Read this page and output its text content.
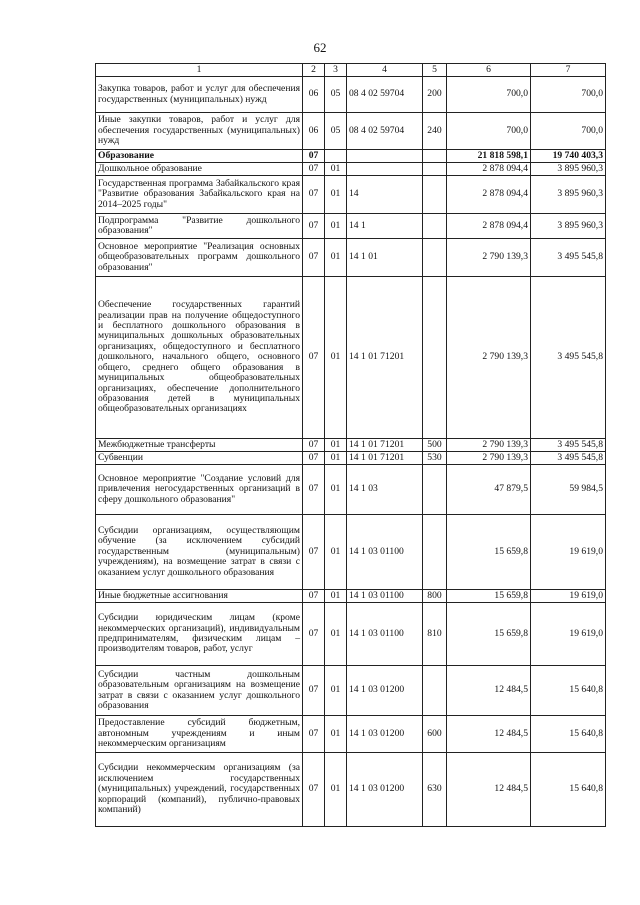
62
1	2	3	4	5	6	7
Закупка товаров, работ и услуг для обеспечения государственных (муниципальных) нужд	06	05	08 4 02 59704	200	700,0	700,0
Иные закупки товаров, работ и услуг для обеспечения государственных (муниципальных) нужд	06	05	08 4 02 59704	240	700,0	700,0
Образование	07				21 818 598,1	19 740 403,3
Дошкольное образование	07	01			2 878 094,4	3 895 960,3
Государственная программа Забайкальского края "Развитие образования Забайкальского края на 2014–2025 годы"	07	01	14		2 878 094,4	3 895 960,3
Подпрограмма "Развитие дошкольного образования"	07	01	14 1		2 878 094,4	3 895 960,3
Основное мероприятие "Реализация основных общеобразовательных программ дошкольного образования"	07	01	14 1 01		2 790 139,3	3 495 545,8
Обеспечение государственных гарантий реализации прав на получение общедоступного и бесплатного дошкольного образования в муниципальных дошкольных образовательных организациях, общедоступного и бесплатного дошкольного, начального общего, основного общего, среднего общего образования в муниципальных общеобразовательных организациях, обеспечение дополнительного образования детей в муниципальных общеобразовательных организациях	07	01	14 1 01 71201		2 790 139,3	3 495 545,8
Межбюджетные трансферты	07	01	14 1 01 71201	500	2 790 139,3	3 495 545,8
Субвенции	07	01	14 1 01 71201	530	2 790 139,3	3 495 545,8
Основное мероприятие "Создание условий для привлечения негосударственных организаций в сферу дошкольного образования"	07	01	14 1 03		47 879,5	59 984,5
Субсидии организациям, осуществляющим обучение (за исключением субсидий государственным (муниципальным) учреждениям), на возмещение затрат в связи с оказанием услуг дошкольного образования	07	01	14 1 03 01100		15 659,8	19 619,0
Иные бюджетные ассигнования	07	01	14 1 03 01100	800	15 659,8	19 619,0
Субсидии юридическим лицам (кроме некоммерческих организаций), индивидуальным предпринимателям, физическим лицам – производителям товаров, работ, услуг	07	01	14 1 03 01100	810	15 659,8	19 619,0
Субсидии частным дошкольным образовательным организациям на возмещение затрат в связи с оказанием услуг дошкольного образования	07	01	14 1 03 01200		12 484,5	15 640,8
Предоставление субсидий бюджетным, автономным учреждениям и иным некоммерческим организациям	07	01	14 1 03 01200	600	12 484,5	15 640,8
Субсидии некоммерческим организациям (за исключением государственных (муниципальных) учреждений, государственных корпораций (компаний), публично-правовых компаний)	07	01	14 1 03 01200	630	12 484,5	15 640,8
